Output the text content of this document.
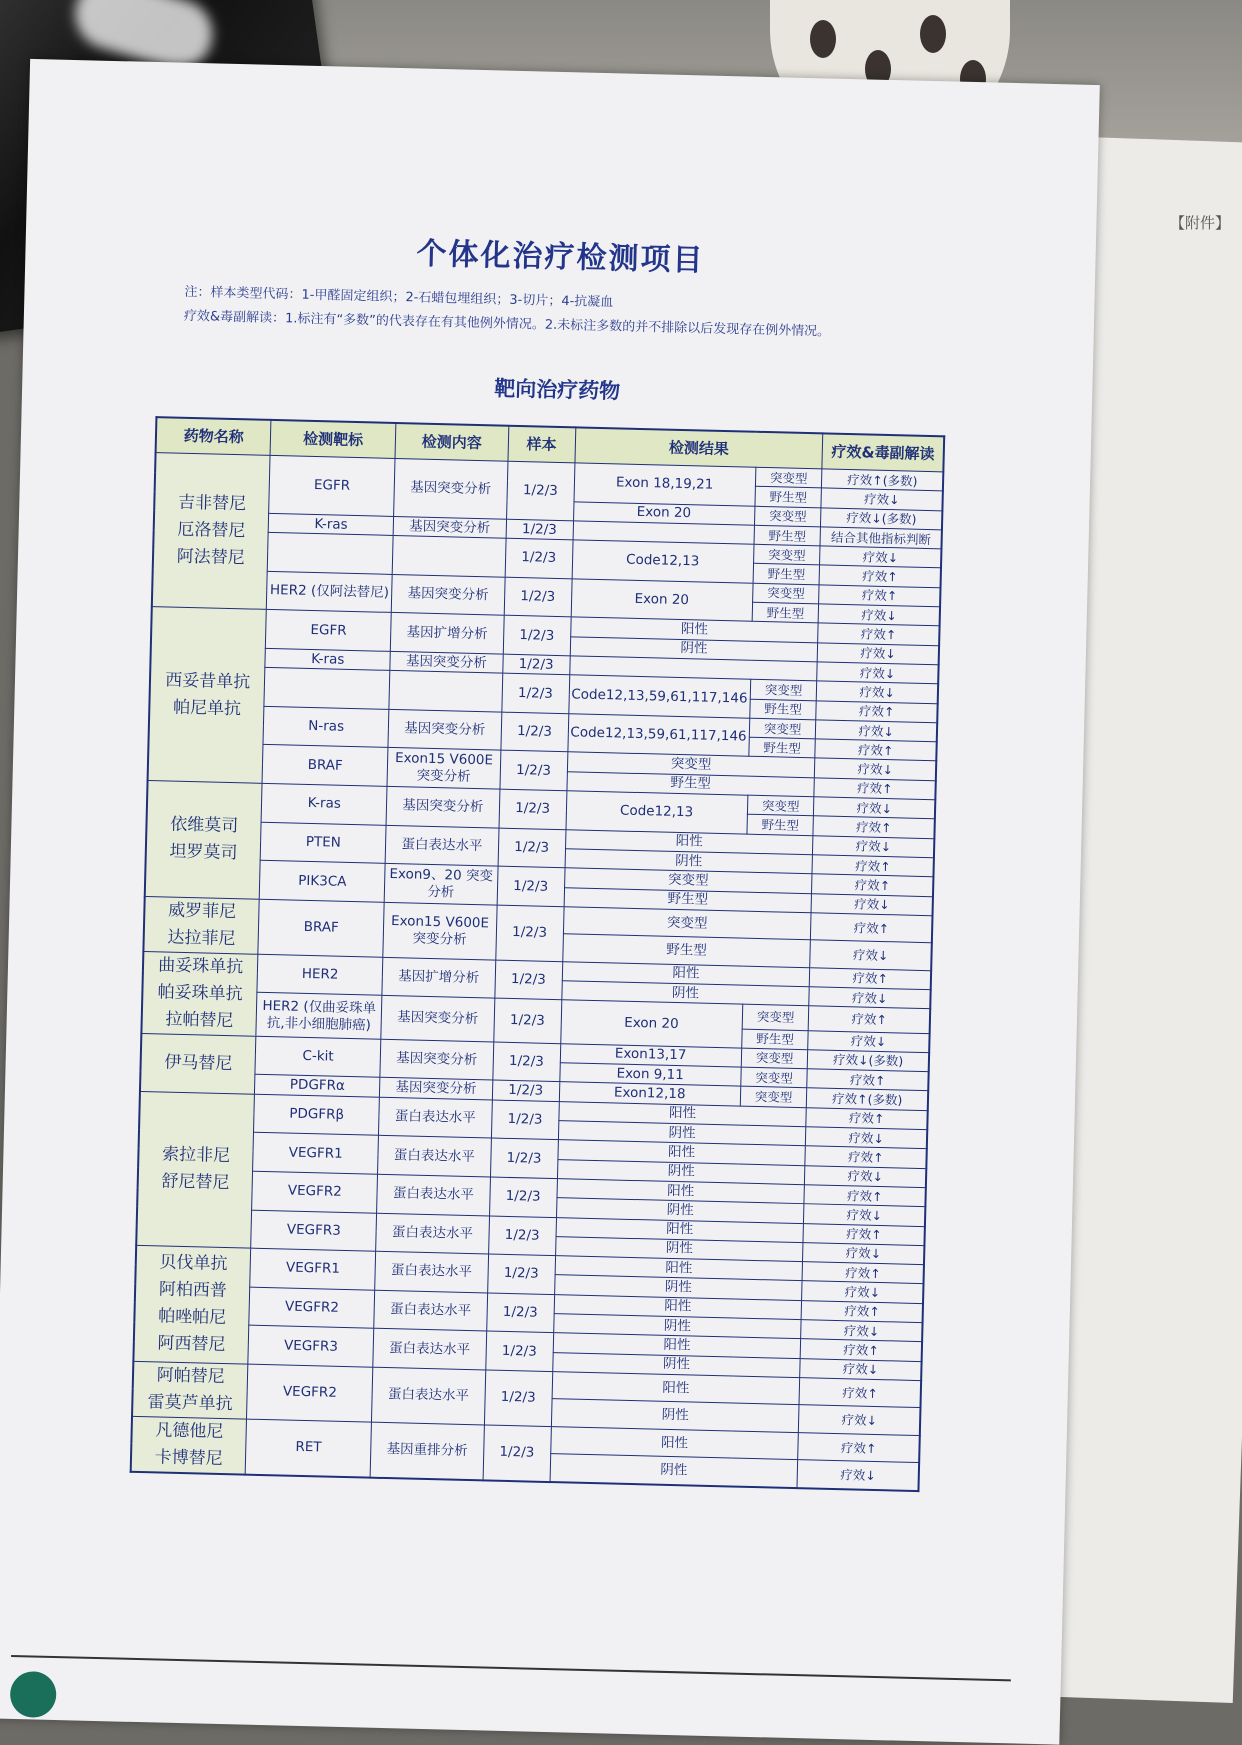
【附件】
个体化治疗检测项目
注：样本类型代码：1-甲醛固定组织；2-石蜡包埋组织；3-切片；4-抗凝血
疗效&毒副解读：1.标注有“多数”的代表存在有其他例外情况。2.未标注多数的并不排除以后发现存在例外情况。
靶向治疗药物
药物名称	检测靶标	检测内容	样本	检测结果		疗效&毒副解读
吉非替尼
厄洛替尼
阿法替尼	EGFR	基因突变分析	1/2/3	Exon 18,19,21	突变型	疗效↑(多数)
					野生型	疗效↓
				Exon 20	突变型	疗效↓(多数)
	K-ras	基因突变分析	1/2/3		野生型	结合其他指标判断
			1/2/3	Code12,13	突变型	疗效↓
					野生型	疗效↑
	HER2 (仅阿法替尼)	基因突变分析	1/2/3	Exon 20	突变型	疗效↑
					野生型	疗效↓
西妥昔单抗
帕尼单抗	EGFR	基因扩增分析	1/2/3	阳性		疗效↑
				阴性		疗效↓
	K-ras	基因突变分析	1/2/3			疗效↓
			1/2/3	Code12,13,59,61,117,146	突变型	疗效↓
					野生型	疗效↑
	N-ras	基因突变分析	1/2/3	Code12,13,59,61,117,146	突变型	疗效↓
					野生型	疗效↑
	BRAF	Exon15 V600E 突变分析	1/2/3	突变型		疗效↓
				野生型		疗效↑
依维莫司
坦罗莫司	K-ras	基因突变分析	1/2/3	Code12,13	突变型	疗效↓
					野生型	疗效↑
	PTEN	蛋白表达水平	1/2/3	阳性		疗效↓
				阴性		疗效↑
	PIK3CA	Exon9、20 突变分析	1/2/3	突变型		疗效↑
				野生型		疗效↓
威罗菲尼
达拉菲尼	BRAF	Exon15 V600E 突变分析	1/2/3	突变型		疗效↑
				野生型		疗效↓
曲妥珠单抗
帕妥珠单抗
拉帕替尼	HER2	基因扩增分析	1/2/3	阳性		疗效↑
				阴性		疗效↓
	HER2 (仅曲妥珠单抗,非小细胞肺癌)	基因突变分析	1/2/3	Exon 20	突变型	疗效↑
					野生型	疗效↓
伊马替尼	C-kit	基因突变分析	1/2/3	Exon13,17	突变型	疗效↓(多数)
				Exon 9,11	突变型	疗效↑
	PDGFRα	基因突变分析	1/2/3	Exon12,18	突变型	疗效↑(多数)
索拉非尼
舒尼替尼	PDGFRβ	蛋白表达水平	1/2/3	阳性		疗效↑
				阴性		疗效↓
	VEGFR1	蛋白表达水平	1/2/3	阳性		疗效↑
				阴性		疗效↓
	VEGFR2	蛋白表达水平	1/2/3	阳性		疗效↑
				阴性		疗效↓
	VEGFR3	蛋白表达水平	1/2/3	阳性		疗效↑
				阴性		疗效↓
贝伐单抗
阿柏西普
帕唑帕尼
阿西替尼	VEGFR1	蛋白表达水平	1/2/3	阳性		疗效↑
				阴性		疗效↓
	VEGFR2	蛋白表达水平	1/2/3	阳性		疗效↑
				阴性		疗效↓
	VEGFR3	蛋白表达水平	1/2/3	阳性		疗效↑
				阴性		疗效↓
阿帕替尼
雷莫芦单抗	VEGFR2	蛋白表达水平	1/2/3	阳性		疗效↑
				阴性		疗效↓
凡德他尼
卡博替尼	RET	基因重排分析	1/2/3	阳性		疗效↑
				阴性		疗效↓
